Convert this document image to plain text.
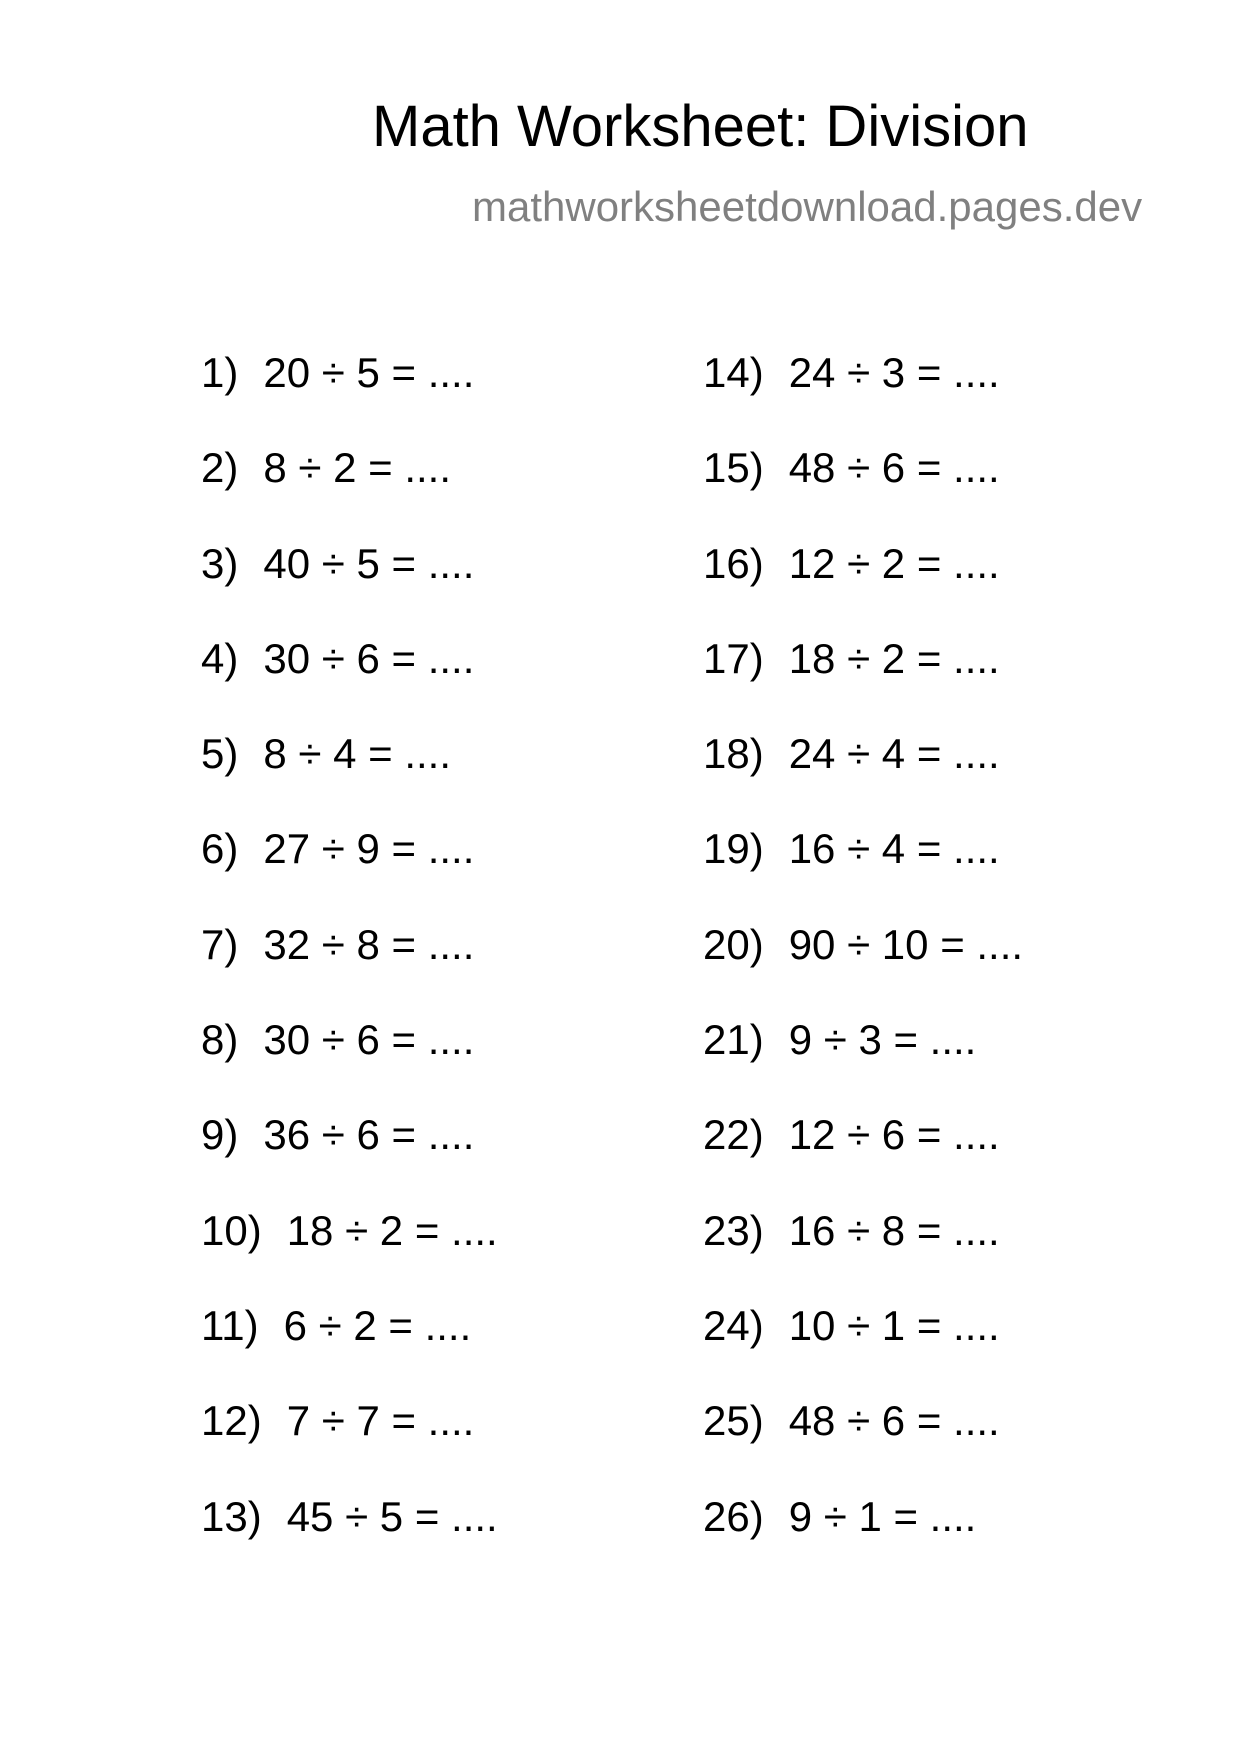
Math Worksheet: Division
mathworksheetdownload.pages.dev
1) 20 ÷ 5 = ....
2) 8 ÷ 2 = ....
3) 40 ÷ 5 = ....
4) 30 ÷ 6 = ....
5) 8 ÷ 4 = ....
6) 27 ÷ 9 = ....
7) 32 ÷ 8 = ....
8) 30 ÷ 6 = ....
9) 36 ÷ 6 = ....
10) 18 ÷ 2 = ....
11) 6 ÷ 2 = ....
12) 7 ÷ 7 = ....
13) 45 ÷ 5 = ....
14) 24 ÷ 3 = ....
15) 48 ÷ 6 = ....
16) 12 ÷ 2 = ....
17) 18 ÷ 2 = ....
18) 24 ÷ 4 = ....
19) 16 ÷ 4 = ....
20) 90 ÷ 10 = ....
21) 9 ÷ 3 = ....
22) 12 ÷ 6 = ....
23) 16 ÷ 8 = ....
24) 10 ÷ 1 = ....
25) 48 ÷ 6 = ....
26) 9 ÷ 1 = ....
